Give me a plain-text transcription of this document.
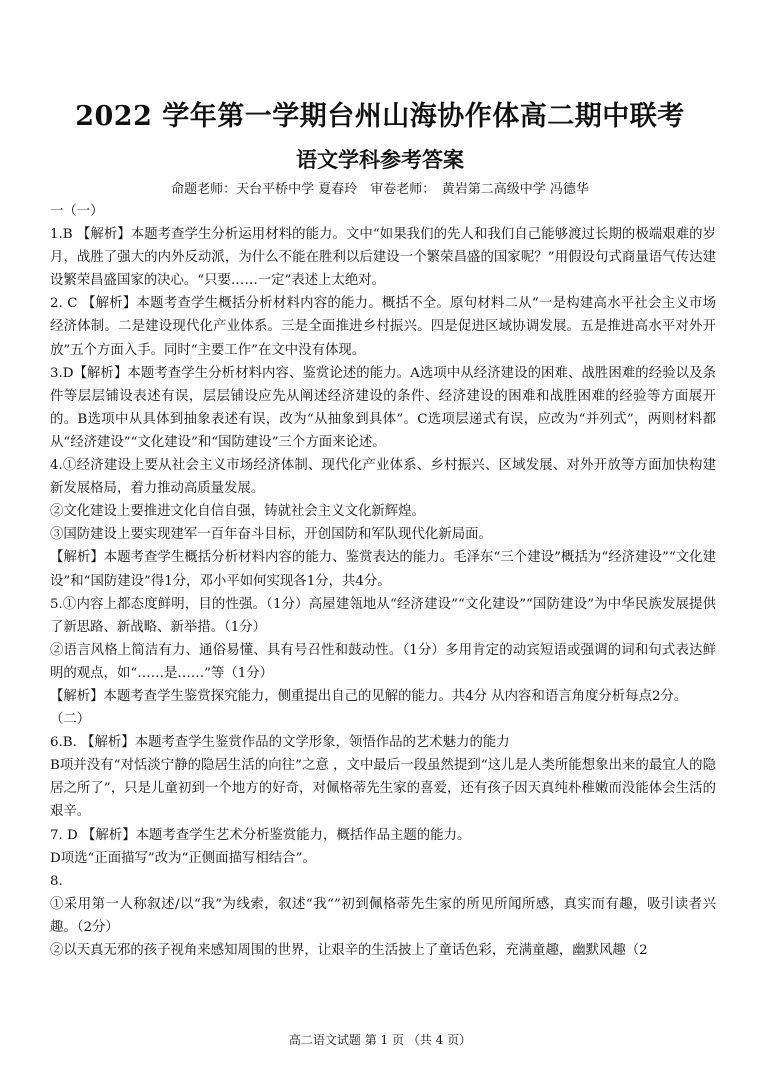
2022 学年第一学期台州山海协作体高二期中联考
语文学科参考答案
命题老师：天台平桥中学 夏春玲　审卷老师：　黄岩第二高级中学 冯德华

一（一）

1.B 【解析】本题考查学生分析运用材料的能力。文中“如果我们的先人和我们自己能够渡过长期的极端艰难的岁月，战胜了强大的内外反动派，为什么不能在胜利以后建设一个繁荣昌盛的国家呢？”用假设句式商量语气传达建设繁荣昌盛国家的决心。“只要……一定”表述上太绝对。

2. C 【解析】本题考查学生概括分析材料内容的能力。概括不全。原句材料二从“一是构建高水平社会主义市场经济体制。二是建设现代化产业体系。三是全面推进乡村振兴。四是促进区域协调发展。五是推进高水平对外开放”五个方面入手。同时“主要工作”在文中没有体现。

3.D【解析】本题考查学生分析材料内容、鉴赏论述的能力。A选项中从经济建设的困难、战胜困难的经验以及条件等层层铺设表述有误，层层铺设应先从阐述经济建设的条件、经济建设的困难和战胜困难的经验等方面展开的。B选项中从具体到抽象表述有误，改为“从抽象到具体”。C选项层递式有误，应改为“并列式”，两则材料都从“经济建设”“文化建设”和“国防建设”三个方面来论述。

4.①经济建设上要从社会主义市场经济体制、现代化产业体系、乡村振兴、区域发展、对外开放等方面加快构建新发展格局，着力推动高质量发展。

②文化建设上要推进文化自信自强，铸就社会主义文化新辉煌。

③国防建设上要实现建军一百年奋斗目标，开创国防和军队现代化新局面。

【解析】本题考查学生概括分析材料内容的能力、鉴赏表达的能力。毛泽东“三个建设”概括为“经济建设”“文化建设”和“国防建设”得1分，邓小平如何实现各1分，共4分。

5.①内容上都态度鲜明，目的性强。（1分）高屋建瓴地从“经济建设”“文化建设”“国防建设”为中华民族发展提供了新思路、新战略、新举措。（1分）

②语言风格上简洁有力、通俗易懂、具有号召性和鼓动性。（1分）多用肯定的动宾短语或强调的词和句式表达鲜明的观点，如“……是……”等（1分）

【解析】本题考查学生鉴赏探究能力，侧重提出自己的见解的能力。共4分 从内容和语言角度分析每点2分。

（二）

6.B. 【解析】本题考查学生鉴赏作品的文学形象，领悟作品的艺术魅力的能力

B项并没有“对恬淡宁静的隐居生活的向往”之意 ，文中最后一段虽然提到“这儿是人类所能想象出来的最宜人的隐居之所了”，只是儿童初到一个地方的好奇，对佩格蒂先生家的喜爱，还有孩子因天真纯朴稚嫩而没能体会生活的艰辛。

7. D 【解析】本题考查学生艺术分析鉴赏能力，概括作品主题的能力。

D项选“正面描写”改为“正侧面描写相结合”。

8.

①采用第一人称叙述/以“我”为线索，叙述“我“”初到佩格蒂先生家的所见所闻所感，真实而有趣，吸引读者兴趣。（2分）

②以天真无邪的孩子视角来感知周围的世界，让艰辛的生活披上了童话色彩，充满童趣，幽默风趣（2

高二语文试题 第 1 页 （共 4 页）
